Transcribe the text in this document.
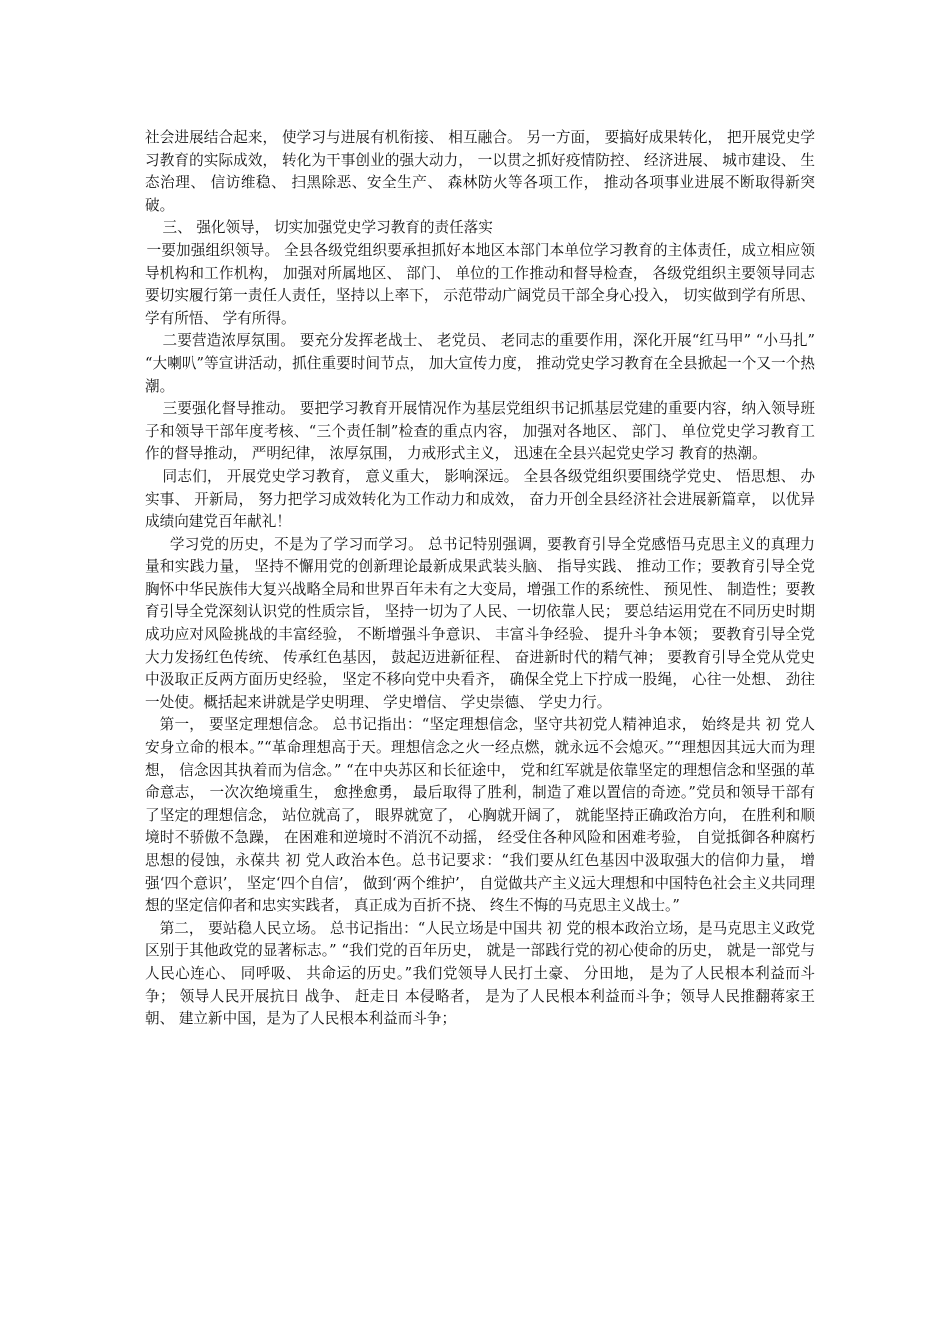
社会进展结合起来， 使学习与进展有机衔接、 相互融合。 另一方面， 要搞好成果转化， 把开展党史学习教育的实际成效， 转化为干事创业的强大动力， 一以贯之抓好疫情防控、 经济进展、 城市建设、 生态治理、 信访维稳、 扫黑除恶、安全生产、 森林防火等各项工作， 推动各项事业进展不断取得新突破。

三、 强化领导， 切实加强党史学习教育的责任落实

一要加强组织领导。 全县各级党组织要承担抓好本地区本部门本单位学习教育的主体责任，成立相应领导机构和工作机构， 加强对所属地区、 部门、 单位的工作推动和督导检查， 各级党组织主要领导同志要切实履行第一责任人责任，坚持以上率下， 示范带动广阔党员干部全身心投入， 切实做到学有所思、 学有所悟、 学有所得。

二要营造浓厚氛围。 要充分发挥老战士、 老党员、 老同志的重要作用，深化开展“红马甲” “小马扎” “大喇叭”等宣讲活动，抓住重要时间节点， 加大宣传力度， 推动党史学习教育在全县掀起一个又一个热潮。

三要强化督导推动。 要把学习教育开展情况作为基层党组织书记抓基层党建的重要内容，纳入领导班子和领导干部年度考核、“三个责任制”检查的重点内容， 加强对各地区、 部门、 单位党史学习教育工作的督导推动， 严明纪律， 浓厚氛围， 力戒形式主义， 迅速在全县兴起党史学习 教育的热潮。

同志们， 开展党史学习教育， 意义重大， 影响深远。 全县各级党组织要围绕学党史、 悟思想、 办实事、 开新局， 努力把学习成效转化为工作动力和成效， 奋力开创全县经济社会进展新篇章， 以优异成绩向建党百年献礼！

学习党的历史，不是为了学习而学习。 总书记特别强调，要教育引导全党感悟马克思主义的真理力量和实践力量， 坚持不懈用党的创新理论最新成果武装头脑、 指导实践、 推动工作；要教育引导全党胸怀中华民族伟大复兴战略全局和世界百年未有之大变局，增强工作的系统性、 预见性、 制造性；要教育引导全党深刻认识党的性质宗旨， 坚持一切为了人民、一切依靠人民； 要总结运用党在不同历史时期成功应对风险挑战的丰富经验， 不断增强斗争意识、 丰富斗争经验、 提升斗争本领； 要教育引导全党大力发扬红色传统、 传承红色基因， 鼓起迈进新征程、 奋进新时代的精气神； 要教育引导全党从党史中汲取正反两方面历史经验， 坚定不移向党中央看齐， 确保全党上下拧成一股绳， 心往一处想、 劲往一处使。概括起来讲就是学史明理、 学史增信、 学史崇德、 学史力行。

第一， 要坚定理想信念。 总书记指出：“坚定理想信念，坚守共初党人精神追求， 始终是共 初 党人安身立命的根本。”“革命理想高于天。理想信念之火一经点燃，就永远不会熄灭。”“理想因其远大而为理想， 信念因其执着而为信念。” “在中央苏区和长征途中， 党和红军就是依靠坚定的理想信念和坚强的革命意志， 一次次绝境重生， 愈挫愈勇， 最后取得了胜利，制造了难以置信的奇迹。”党员和领导干部有了坚定的理想信念， 站位就高了， 眼界就宽了， 心胸就开阔了， 就能坚持正确政治方向， 在胜利和顺境时不骄傲不急躁， 在困难和逆境时不消沉不动摇， 经受住各种风险和困难考验， 自觉抵御各种腐朽思想的侵蚀，永葆共 初 党人政治本色。总书记要求：“我们要从红色基因中汲取强大的信仰力量， 增强‘四个意识’， 坚定‘四个自信’， 做到‘两个维护’， 自觉做共产主义远大理想和中国特色社会主义共同理想的坚定信仰者和忠实实践者， 真正成为百折不挠、 终生不悔的马克思主义战士。”

第二， 要站稳人民立场。 总书记指出：“人民立场是中国共 初 党的根本政治立场，是马克思主义政党区别于其他政党的显著标志。” “我们党的百年历史， 就是一部践行党的初心使命的历史， 就是一部党与人民心连心、 同呼吸、 共命运的历史。”我们党领导人民打土豪、 分田地， 是为了人民根本利益而斗争； 领导人民开展抗日 战争、 赶走日 本侵略者， 是为了人民根本利益而斗争；领导人民推翻蒋家王朝、 建立新中国，是为了人民根本利益而斗争；
